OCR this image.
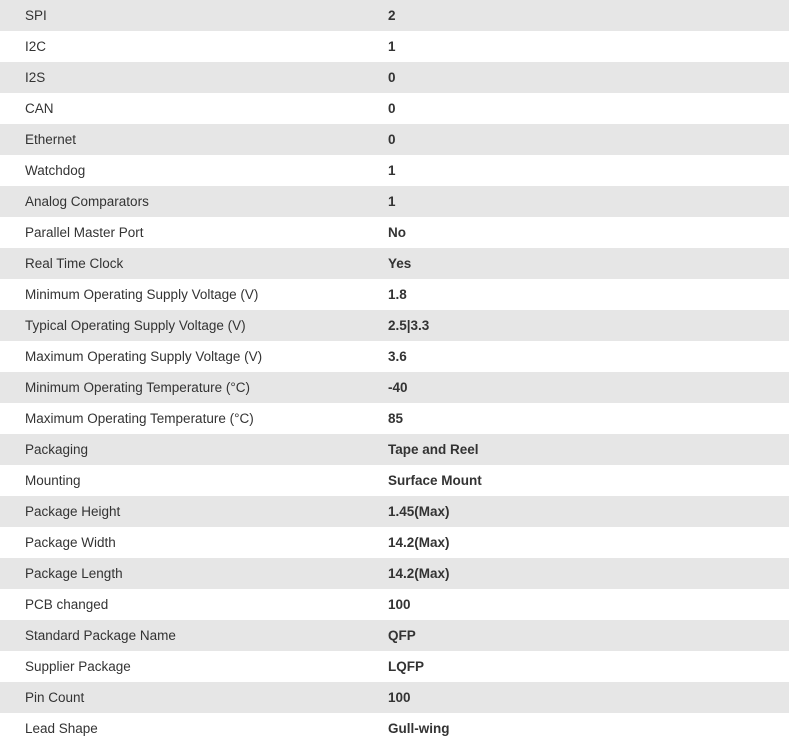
SPI	2
I2C	1
I2S	0
CAN	0
Ethernet	0
Watchdog	1
Analog Comparators	1
Parallel Master Port	No
Real Time Clock	Yes
Minimum Operating Supply Voltage (V)	1.8
Typical Operating Supply Voltage (V)	2.5|3.3
Maximum Operating Supply Voltage (V)	3.6
Minimum Operating Temperature (°C)	-40
Maximum Operating Temperature (°C)	85
Packaging	Tape and Reel
Mounting	Surface Mount
Package Height	1.45(Max)
Package Width	14.2(Max)
Package Length	14.2(Max)
PCB changed	100
Standard Package Name	QFP
Supplier Package	LQFP
Pin Count	100
Lead Shape	Gull-wing
